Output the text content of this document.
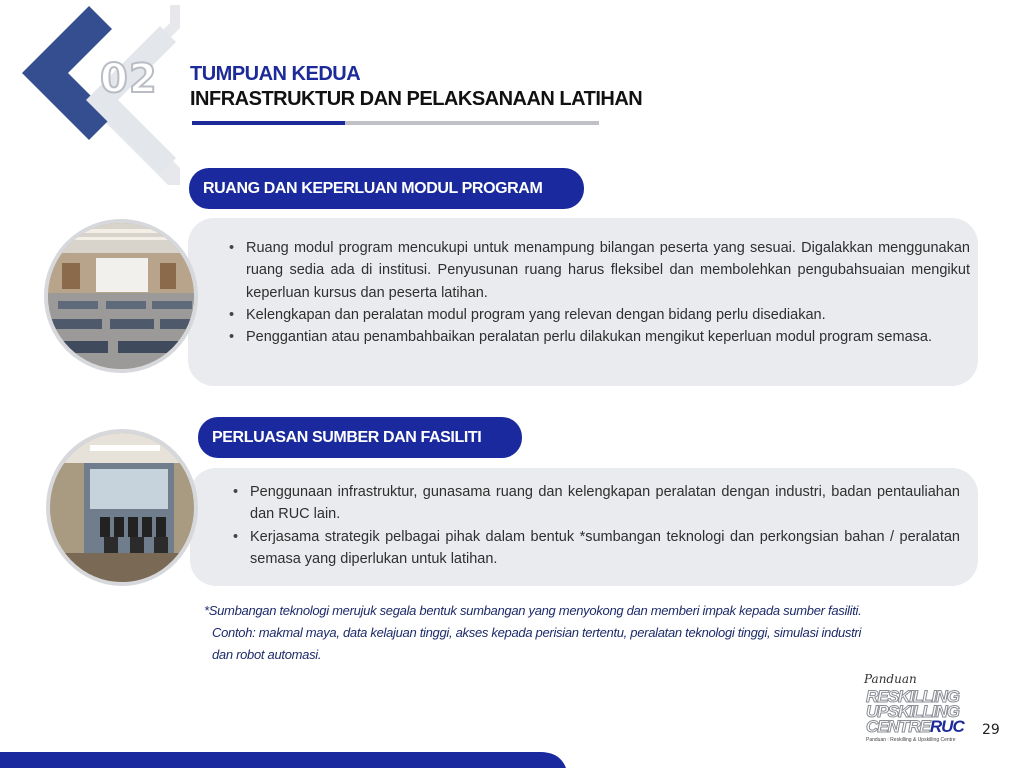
02 TUMPUAN KEDUA
INFRASTRUKTUR DAN PELAKSANAAN LATIHAN
• Ruang modul program mencukupi untuk menampung bilangan peserta yang sesuai. Digalakkan menggunakan ruang sedia ada di institusi. Penyusunan ruang harus fleksibel dan membolehkan pengubahsuaian mengikut keperluan kursus dan peserta latihan.
• Kelengkapan dan peralatan modul program yang relevan dengan bidang perlu disediakan.
• Penggantian atau penambahbaikan peralatan perlu dilakukan mengikut keperluan modul program semasa.
RUANG DAN KEPERLUAN MODUL PROGRAM
• Penggunaan infrastruktur, gunasama ruang dan kelengkapan peralatan dengan industri, badan pentauliahan dan RUC lain.
• Kerjasama strategik pelbagai pihak dalam bentuk *sumbangan teknologi dan perkongsian bahan / peralatan semasa yang diperlukan untuk latihan.
PERLUASAN SUMBER DAN FASILITI
*Sumbangan teknologi merujuk segala bentuk sumbangan yang menyokong dan memberi impak kepada sumber fasiliti.
Contoh: makmal maya, data kelajuan tinggi, akses kepada perisian tertentu, peralatan teknologi tinggi, simulasi industri
dan robot automasi.
Panduan
RESKILLING
UPSKILLING
CENTRERUC
Panduan : Reskilling & Upskilling Centre
29
